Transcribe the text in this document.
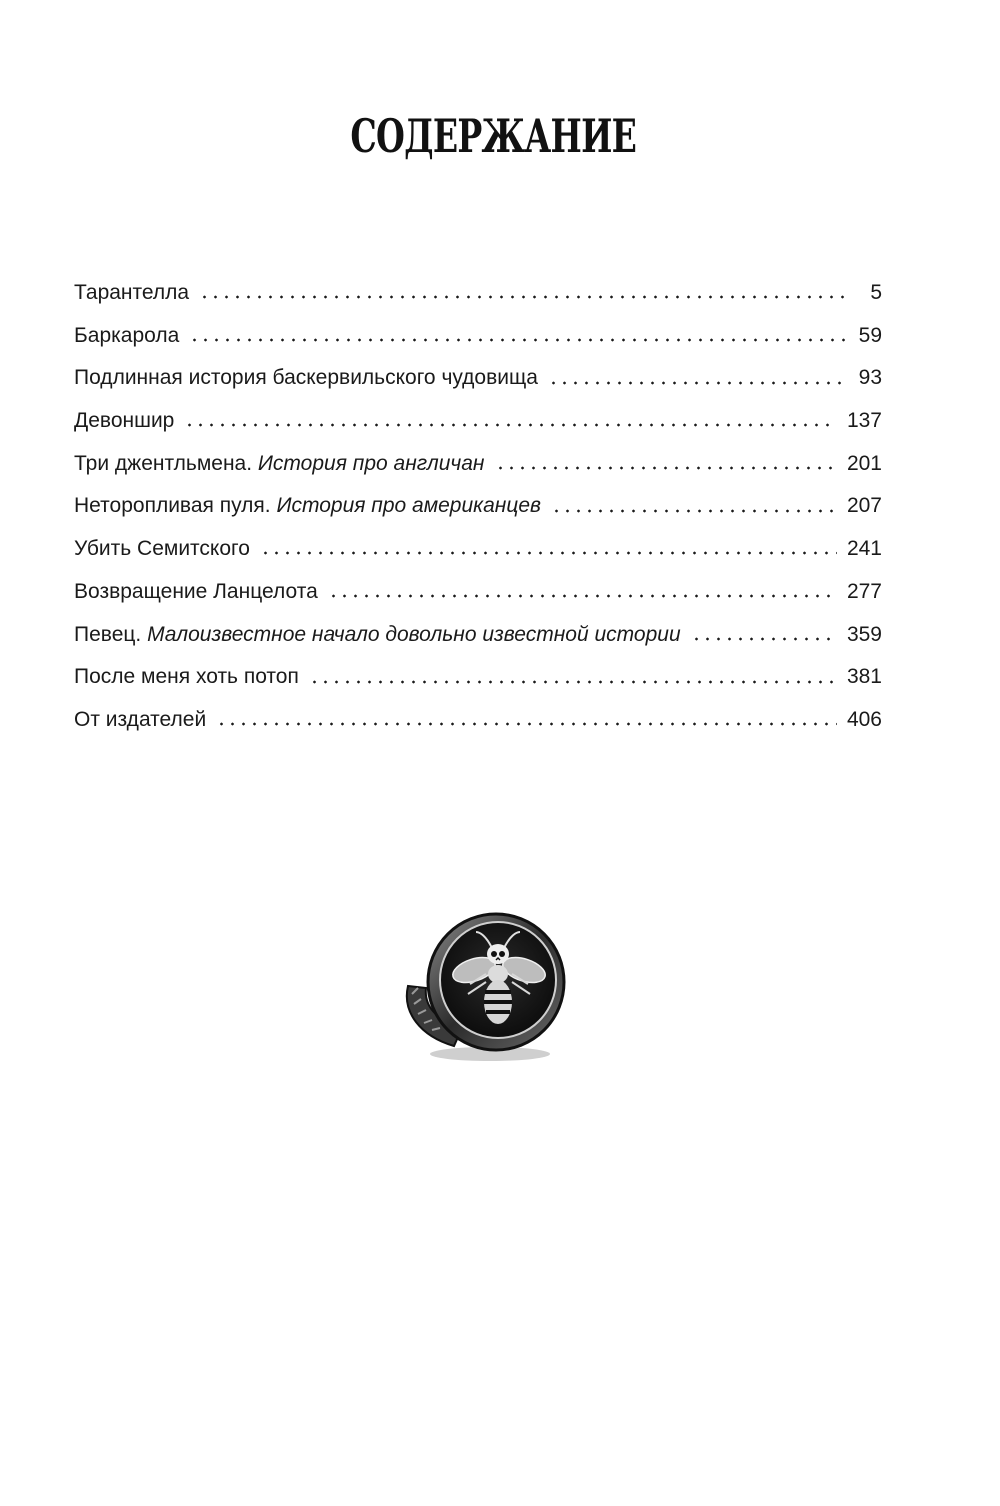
СОДЕРЖАНИЕ
Тарантелла	5
Баркарола	59
Подлинная история баскервильского чудовища	93
Девоншир	137
Три джентльмена. История про англичан	201
Неторопливая пуля. История про американцев	207
Убить Семитского	241
Возвращение Ланцелота	277
Певец. Малоизвестное начало довольно известной истории	359
После меня хоть потоп	381
От издателей	406
